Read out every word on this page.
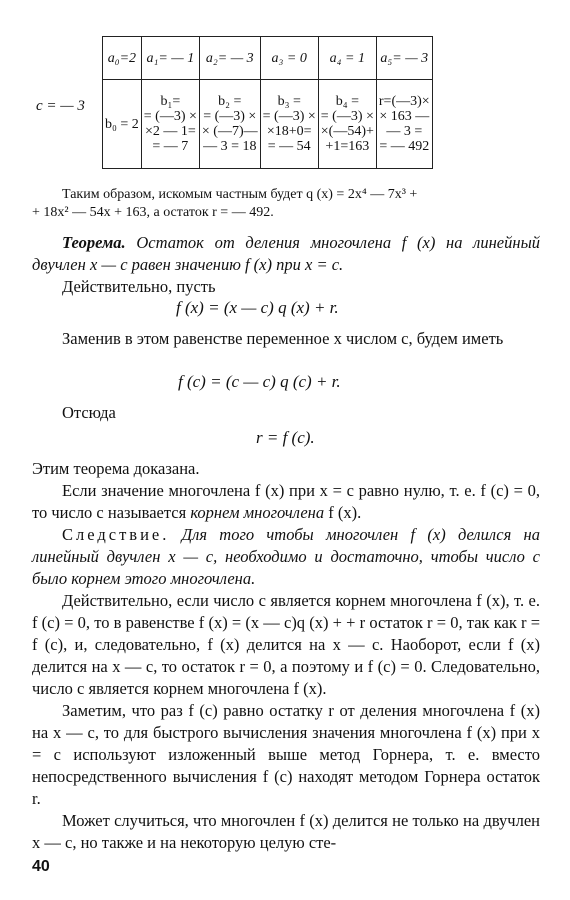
c = — 3
a₀=2	a₁= — 1	a₂= — 3	a₃ = 0	a₄ = 1	a₅= — 3

b₀ = 2	b₁=
= (—3) ×
×2 — 1=
= — 7	b₂ =
= (—3) ×
× (—7)—
— 3 = 18	b₃ =
= (—3) ×
×18+0=
= — 54	b₄ =
= (—3) ×
×(—54)+
+1=163	r=(—3)×
× 163 —
— 3 =
= — 492

Таким образом, искомым частным будет q (x) = 2x⁴ — 7x³ +

+ 18x² — 54x + 163, а остаток r = — 492.

Теорема. Остаток от деления многочлена f (x) на линейный двучлен x — c равен значению f (x) при x = c.

Действительно, пусть

f (x) = (x — c) q (x) + r.

Заменив в этом равенстве переменное x числом c, будем иметь

f (c) = (c — c) q (c) + r.

Отсюда

r = f (c).

Этим теорема доказана.

Если значение многочлена f (x) при x = c равно нулю, т. е. f (c) = 0, то число c называется корнем многочлена f (x).

Следствие. Для того чтобы многочлен f (x) делился на линейный двучлен x — c, необходимо и достаточно, чтобы число c было корнем этого многочлена.

Действительно, если число c является корнем многочлена f (x), т. е. f (c) = 0, то в равенстве f (x) = (x — c)q (x) + + r остаток r = 0, так как r = f (c), и, следовательно, f (x) делится на x — c. Наоборот, если f (x) делится на x — c, то остаток r = 0, а поэтому и f (c) = 0. Следовательно, число c является корнем многочлена f (x).

Заметим, что раз f (c) равно остатку r от деления многочлена f (x) на x — c, то для быстрого вычисления значения многочлена f (x) при x = c используют изложенный выше метод Горнера, т. е. вместо непосредственного вычисления f (c) находят методом Горнера остаток r.

Может случиться, что многочлен f (x) делится не только на двучлен x — c, но также и на некоторую целую сте-

40
